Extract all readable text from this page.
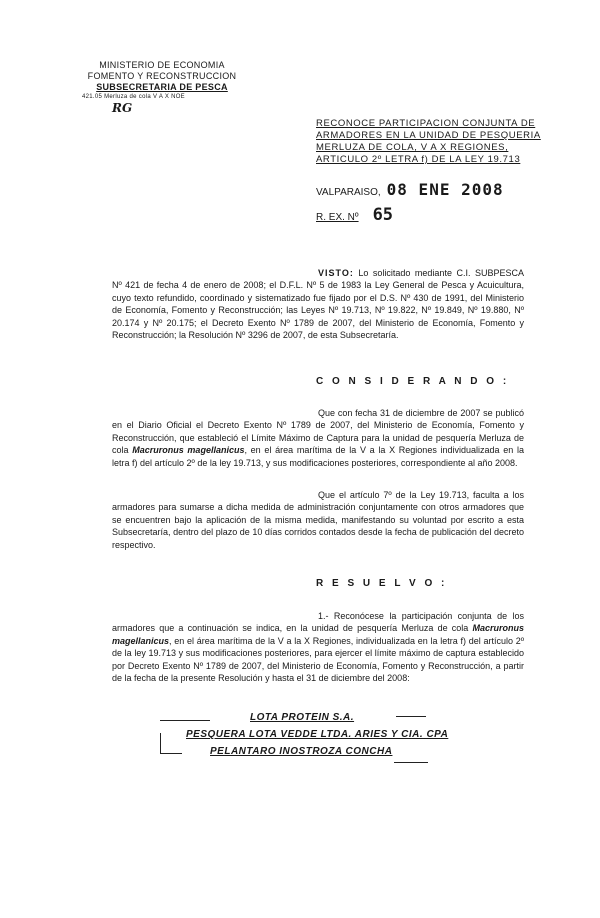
MINISTERIO DE ECONOMIA
FOMENTO Y RECONSTRUCCION
SUBSECRETARIA DE PESCA
421.05 Merluza de cola V A X NOE
RG
RECONOCE PARTICIPACION CONJUNTA DE
ARMADORES EN LA UNIDAD DE PESQUERIA
MERLUZA DE COLA, V A X REGIONES,
ARTICULO 2º LETRA f) DE LA LEY 19.713
VALPARAISO, 08 ENE 2008
R. EX. Nº 65

VISTO: Lo solicitado mediante C.I. SUBPESCA Nº 421 de fecha 4 de enero de 2008; el D.F.L. Nº 5 de 1983 la Ley General de Pesca y Acuicultura, cuyo texto refundido, coordinado y sistematizado fue fijado por el D.S. Nº 430 de 1991, del Ministerio de Economía, Fomento y Reconstrucción; las Leyes Nº 19.713, Nº 19.822, Nº 19.849, Nº 19.880, Nº 20.174 y Nº 20.175; el Decreto Exento Nº 1789 de 2007, del Ministerio de Economía, Fomento y Reconstrucción; la Resolución Nº 3296 de 2007, de esta Subsecretaría.

C O N S I D E R A N D O :

Que con fecha 31 de diciembre de 2007 se publicó en el Diario Oficial el Decreto Exento Nº 1789 de 2007, del Ministerio de Economía, Fomento y Reconstrucción, que estableció el Límite Máximo de Captura para la unidad de pesquería Merluza de cola Macruronus magellanicus, en el área marítima de la V a la X Regiones individualizada en la letra f) del artículo 2º de la ley 19.713, y sus modificaciones posteriores, correspondiente al año 2008.

Que el artículo 7º de la Ley 19.713, faculta a los armadores para sumarse a dicha medida de administración conjuntamente con otros armadores que se encuentren bajo la aplicación de la misma medida, manifestando su voluntad por escrito a esta Subsecretaría, dentro del plazo de 10 días corridos contados desde la fecha de publicación del decreto respectivo.

R E S U E L V O :

1.- Reconócese la participación conjunta de los armadores que a continuación se indica, en la unidad de pesquería Merluza de cola Macruronus magellanicus, en el área marítima de la V a la X Regiones, individualizada en la letra f) del artículo 2º de la ley 19.713 y sus modificaciones posteriores, para ejercer el límite máximo de captura establecido por Decreto Exento Nº 1789 de 2007, del Ministerio de Economía, Fomento y Reconstrucción, a partir de la fecha de la presente Resolución y hasta el 31 de diciembre del 2008:

LOTA PROTEIN S.A.
PESQUERA LOTA VEDDE LTDA. ARIES Y CIA. CPA
PELANTARO INOSTROZA CONCHA
